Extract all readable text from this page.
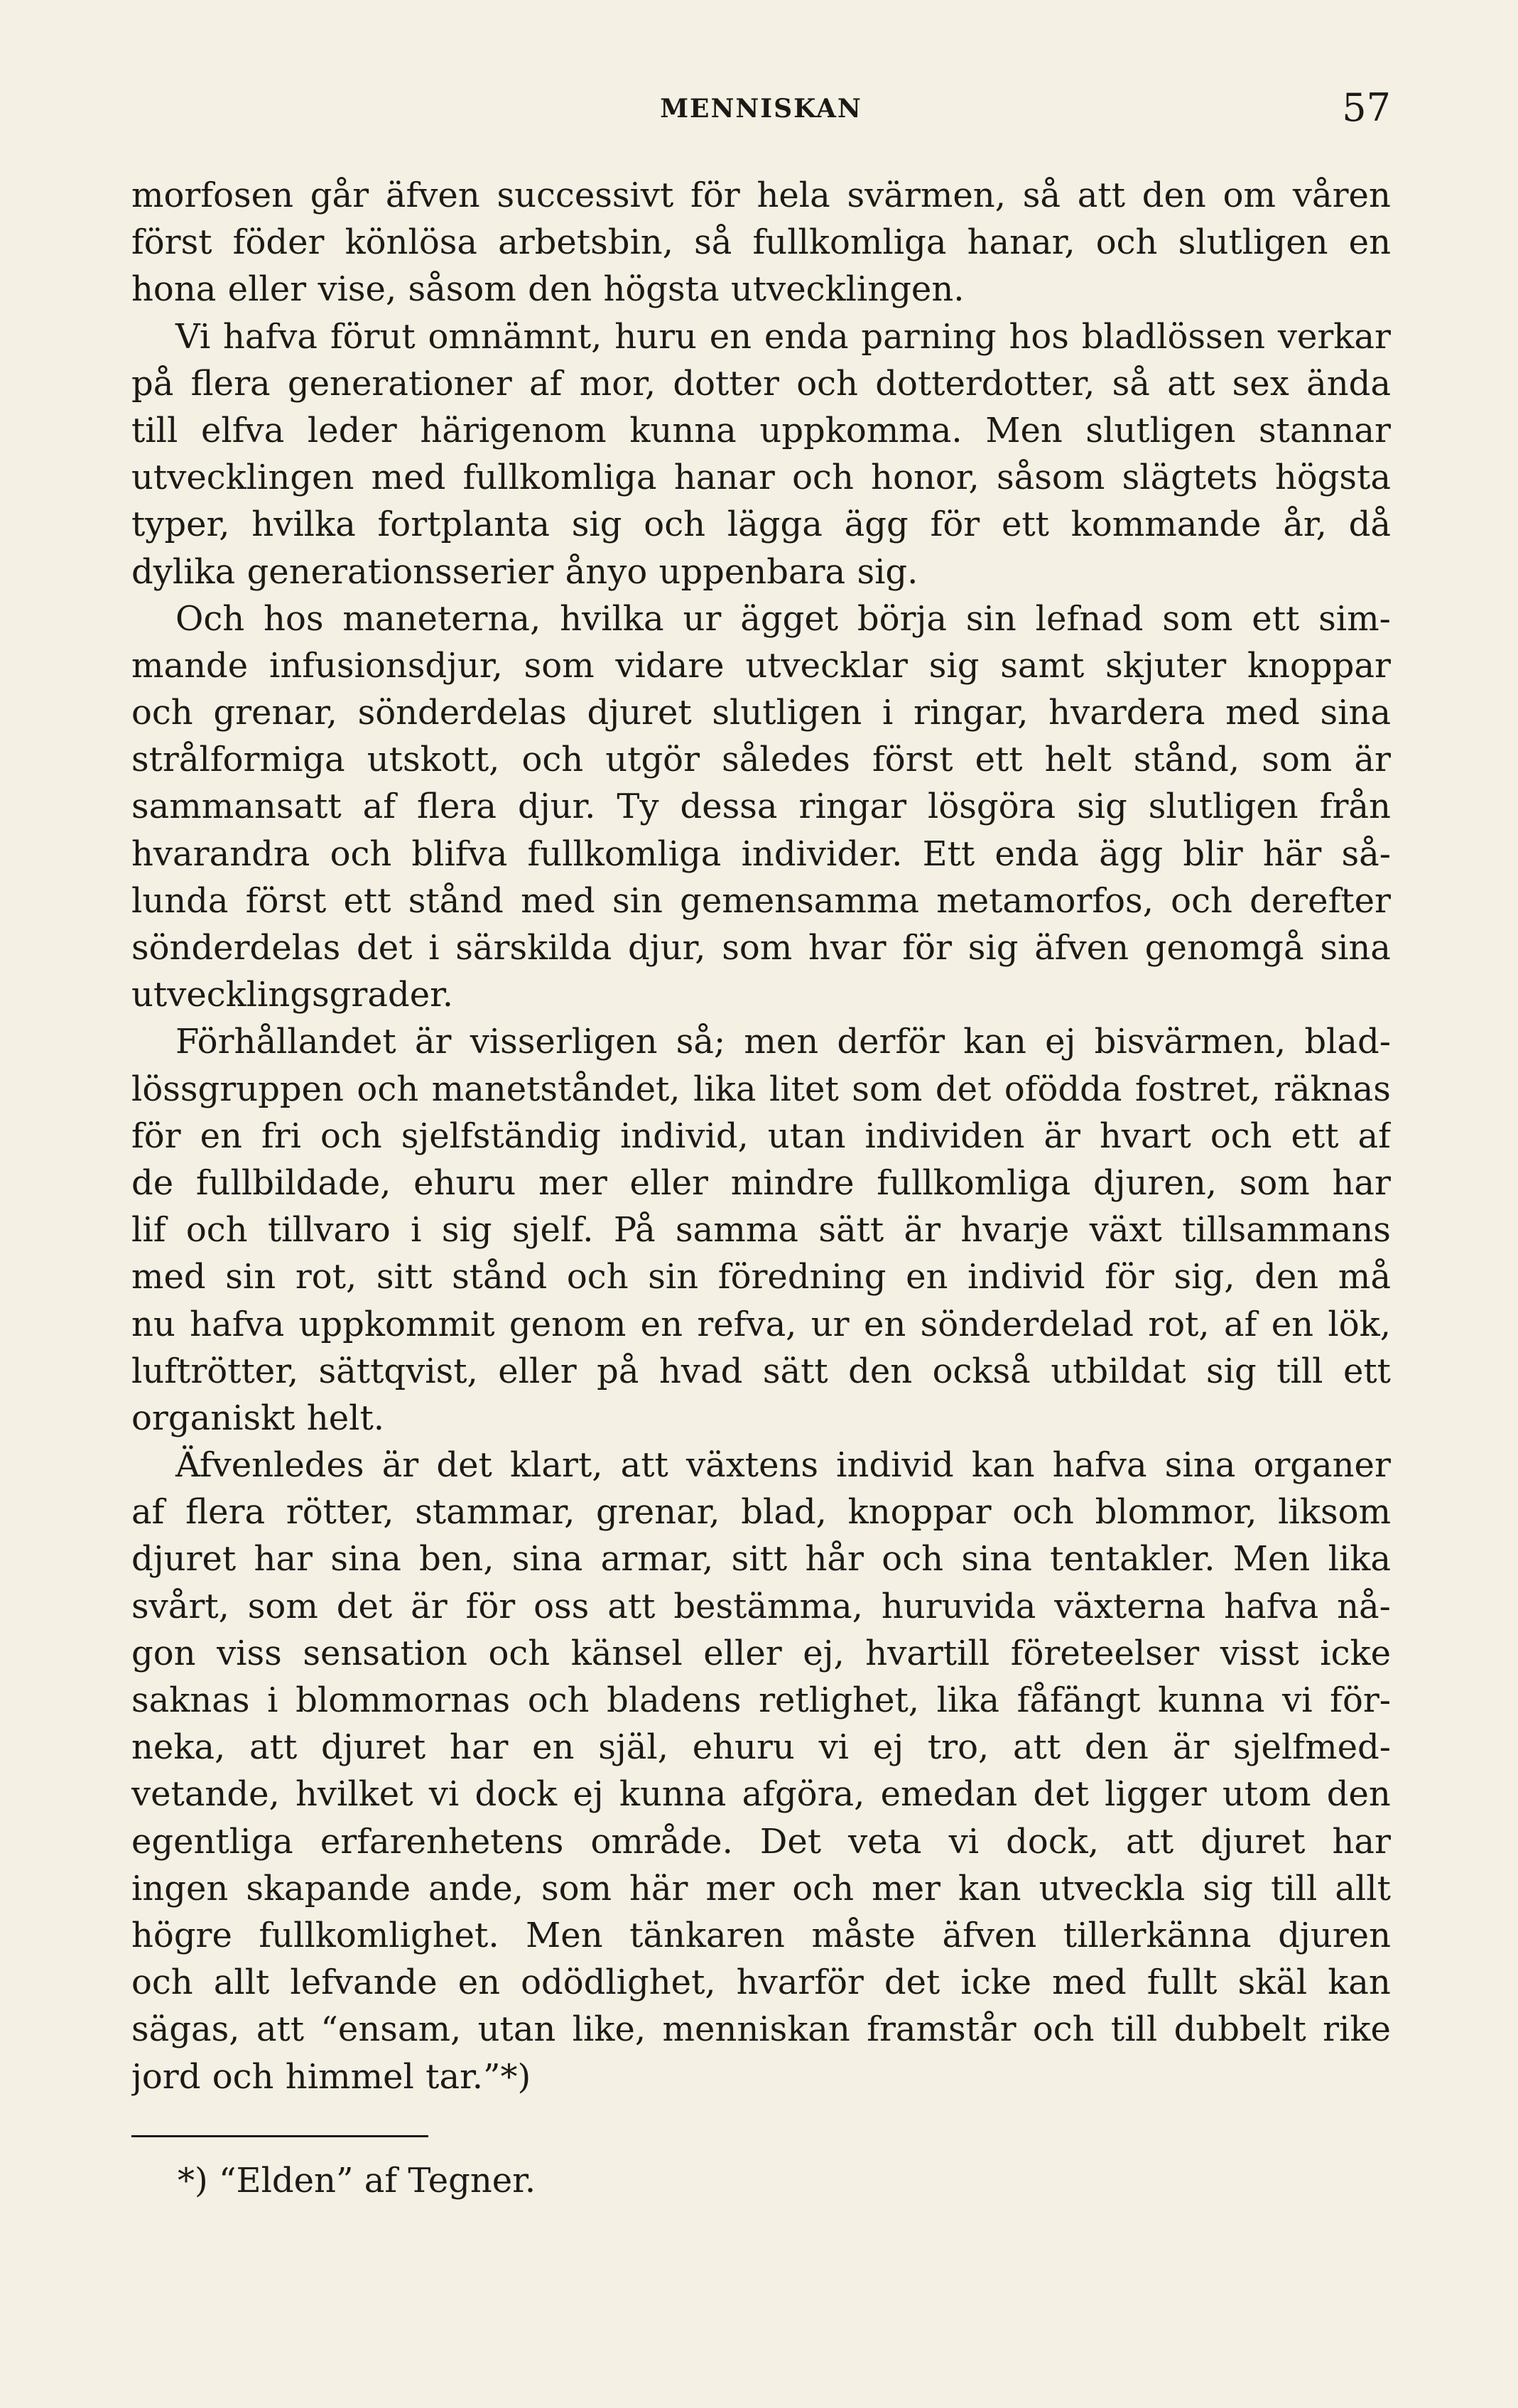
MENNISKAN	57
morfosen går äfven successivt för hela svärmen, så att den om våren
först föder könlösa arbetsbin, så fullkomliga hanar, och slutligen en
hona eller vise, såsom den högsta utvecklingen.
Vi hafva förut omnämnt, huru en enda parning hos bladlössen verkar
på flera generationer af mor, dotter och dotterdotter, så att sex ända
till elfva leder härigenom kunna uppkomma. Men slutligen stannar
utvecklingen med fullkomliga hanar och honor, såsom slägtets högsta
typer, hvilka fortplanta sig och lägga ägg för ett kommande år, då
dylika generationsserier ånyo uppenbara sig.
Och hos maneterna, hvilka ur ägget börja sin lefnad som ett sim-
mande infusionsdjur, som vidare utvecklar sig samt skjuter knoppar
och grenar, sönderdelas djuret slutligen i ringar, hvardera med sina
strålformiga utskott, och utgör således först ett helt stånd, som är
sammansatt af flera djur. Ty dessa ringar lösgöra sig slutligen från
hvarandra och blifva fullkomliga individer. Ett enda ägg blir här så-
lunda först ett stånd med sin gemensamma metamorfos, och derefter
sönderdelas det i särskilda djur, som hvar för sig äfven genomgå sina
utvecklingsgrader.
Förhållandet är visserligen så; men derför kan ej bisvärmen, blad-
lössgruppen och manetståndet, lika litet som det ofödda fostret, räknas
för en fri och sjelfständig individ, utan individen är hvart och ett af
de fullbildade, ehuru mer eller mindre fullkomliga djuren, som har
lif och tillvaro i sig sjelf. På samma sätt är hvarje växt tillsammans
med sin rot, sitt stånd och sin föredning en individ för sig, den må
nu hafva uppkommit genom en refva, ur en sönderdelad rot, af en lök,
luftrötter, sättqvist, eller på hvad sätt den också utbildat sig till ett
organiskt helt.
Äfvenledes är det klart, att växtens individ kan hafva sina organer
af flera rötter, stammar, grenar, blad, knoppar och blommor, liksom
djuret har sina ben, sina armar, sitt hår och sina tentakler. Men lika
svårt, som det är för oss att bestämma, huruvida växterna hafva nå-
gon viss sensation och känsel eller ej, hvartill företeelser visst icke
saknas i blommornas och bladens retlighet, lika fåfängt kunna vi för-
neka, att djuret har en själ, ehuru vi ej tro, att den är sjelfmed-
vetande, hvilket vi dock ej kunna afgöra, emedan det ligger utom den
egentliga erfarenhetens område. Det veta vi dock, att djuret har
ingen skapande ande, som här mer och mer kan utveckla sig till allt
högre fullkomlighet. Men tänkaren måste äfven tillerkänna djuren
och allt lefvande en odödlighet, hvarför det icke med fullt skäl kan
sägas, att “ensam, utan like, menniskan framstår och till dubbelt rike
jord och himmel tar.”*)
*) “Elden” af Tegner.
